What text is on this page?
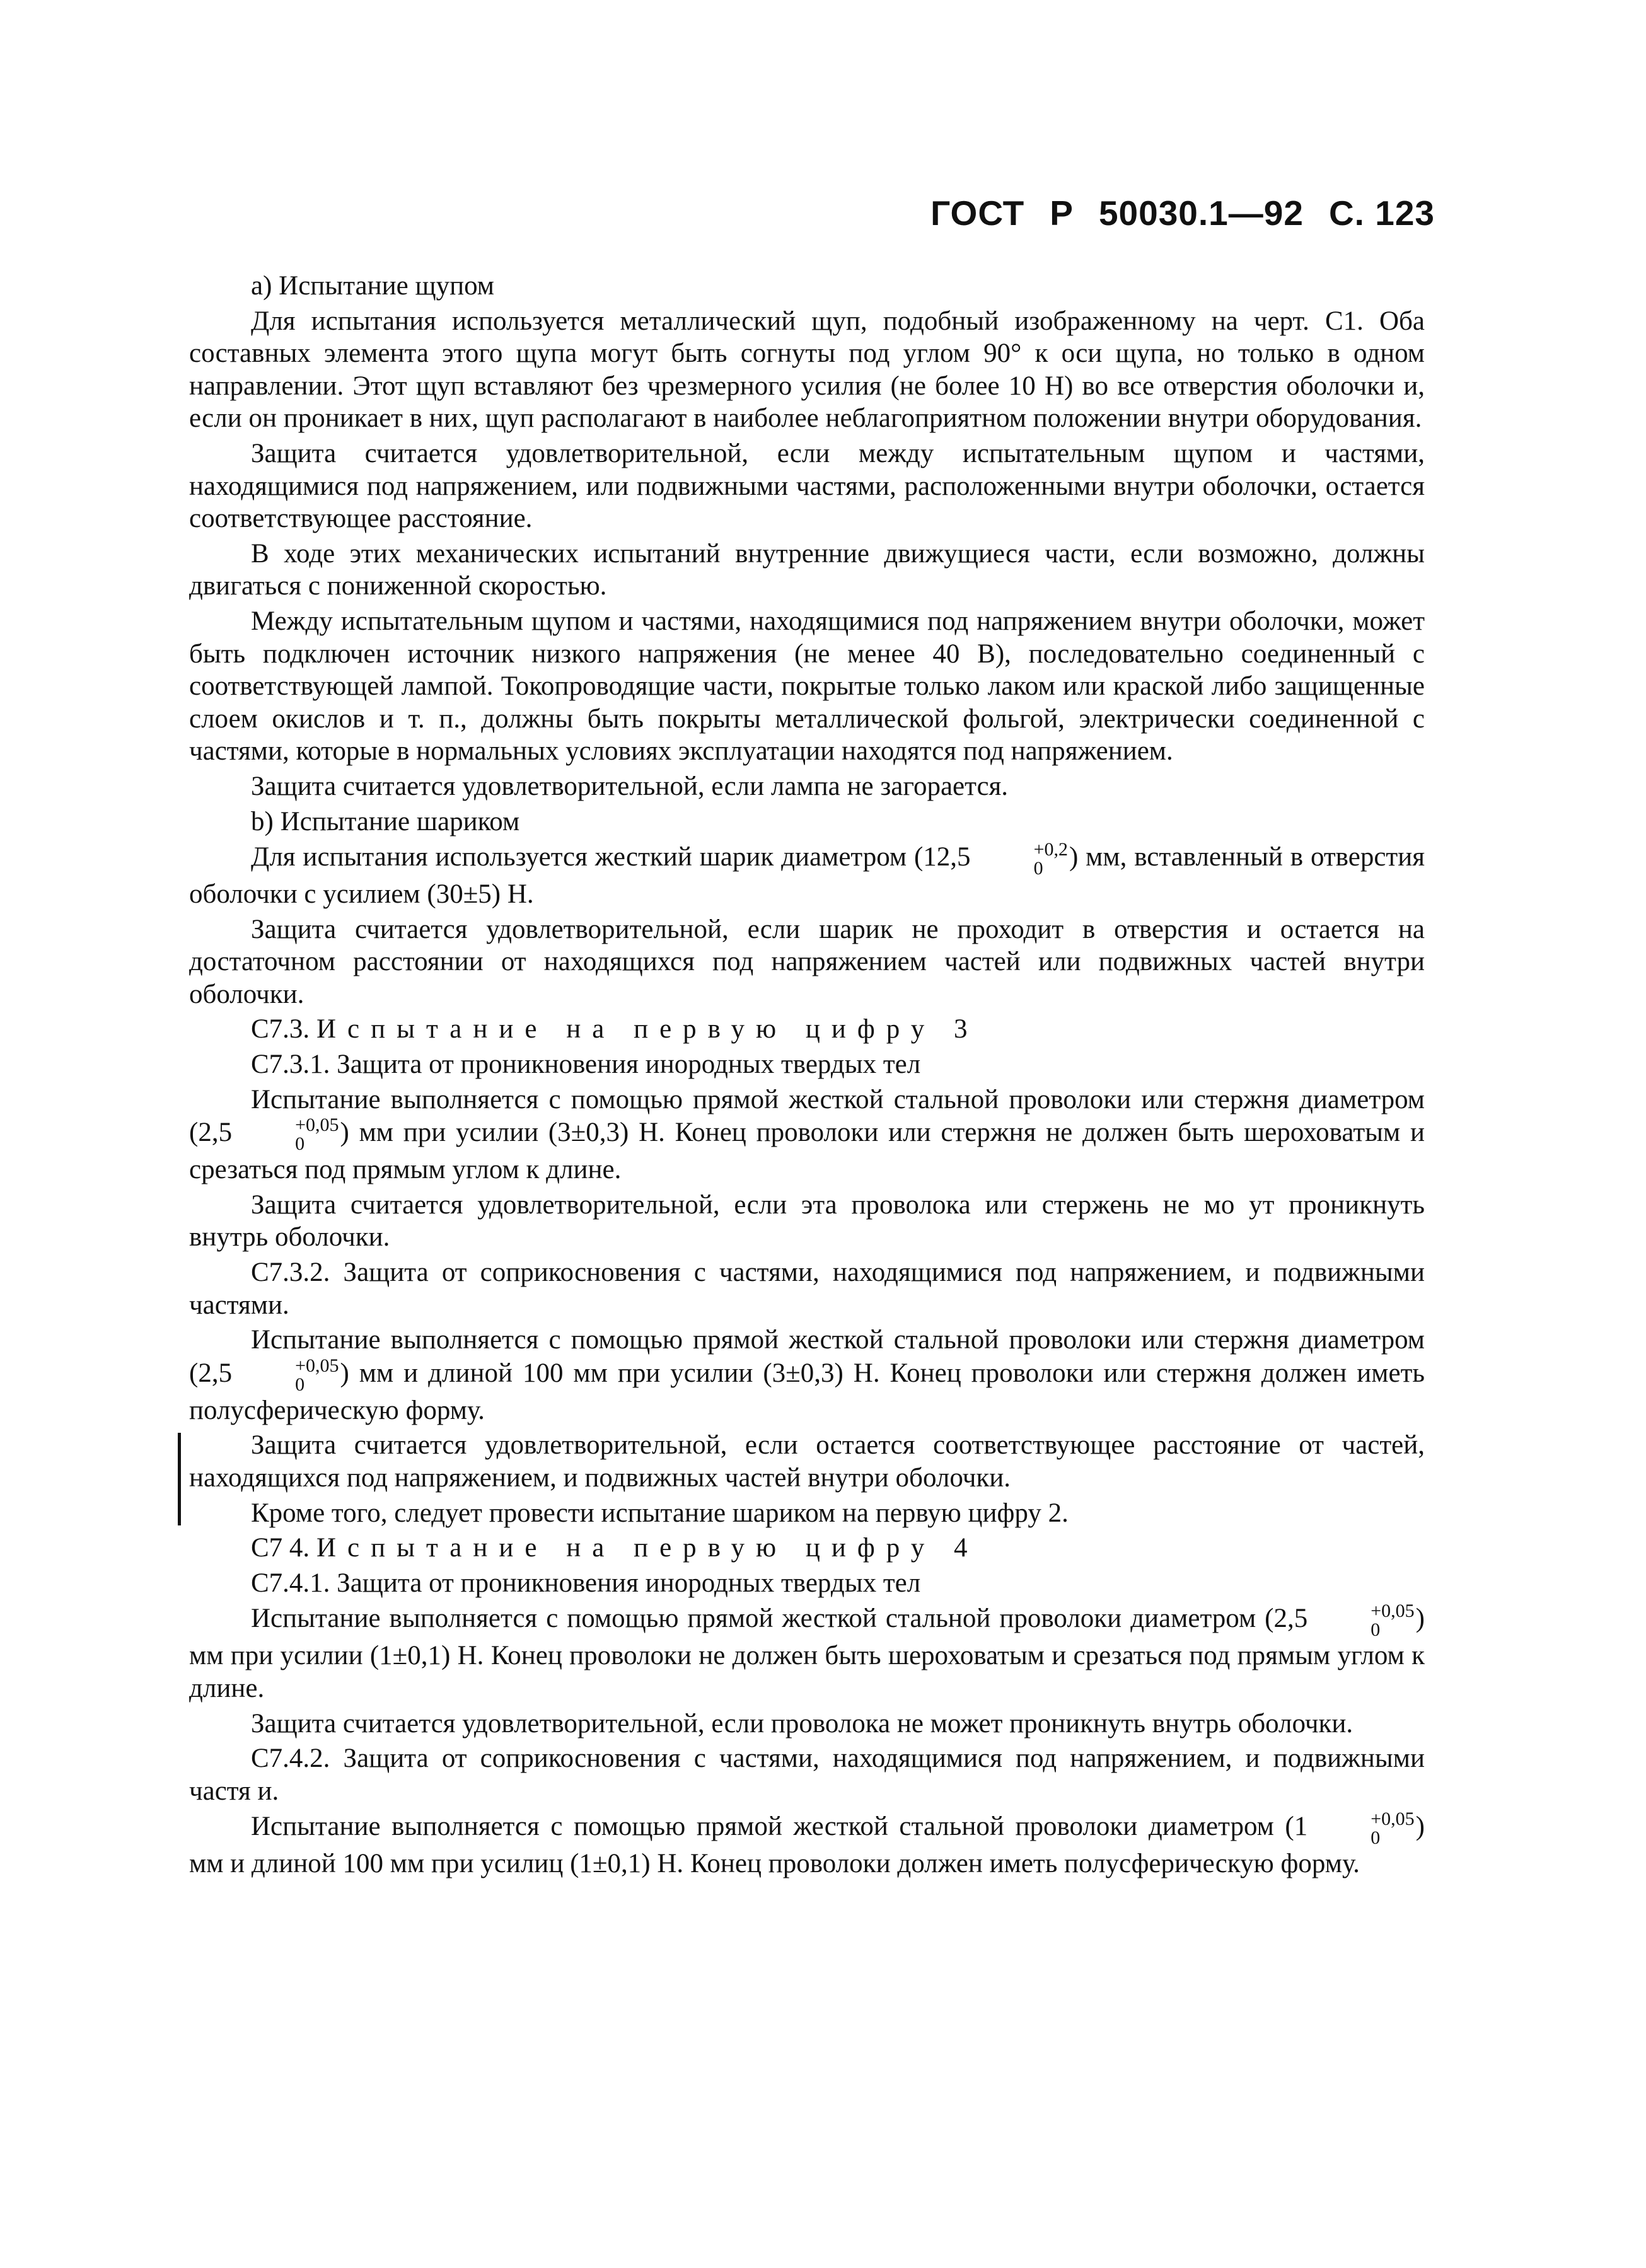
ГОСТ Р 50030.1—92 С. 123

а) Испытание щупом

Для испытания используется металлический щуп, подобный изображенному на черт. С1. Оба составных элемента этого щупа могут быть согнуты под углом 90° к оси щупа, но только в одном направлении. Этот щуп вставляют без чрезмерного усилия (не более 10 Н) во все отверстия оболочки и, если он проникает в них, щуп располагают в наиболее неблагоприятном положении внутри оборудования.

Защита считается удовлетворительной, если между испытательным щупом и частями, находящимися под напряжением, или подвижными частями, расположенными внутри оболочки, остается соответствующее расстояние.

В ходе этих механических испытаний внутренние движущиеся части, если возможно, должны двигаться с пониженной скоростью.

Между испытательным щупом и частями, находящимися под напряжением внутри оболочки, может быть подключен источник низкого напряжения (не менее 40 В), последовательно соединенный с соответствующей лампой. Токопроводящие части, покрытые только лаком или краской либо защищенные слоем окислов и т. п., должны быть покрыты металлической фольгой, электрически соединенной с частями, которые в нормальных условиях эксплуатации находятся под напряжением.

Защита считается удовлетворительной, если лампа не загорается.

b) Испытание шариком

Для испытания используется жесткий шарик диаметром (12,5	+0,2
0 ) мм, вставленный в отверстия оболочки с усилием (30±5) Н.

Защита считается удовлетворительной, если шарик не проходит в отверстия и остается на достаточном расстоянии от находящихся под напряжением частей или подвижных частей внутри оболочки.

С7.3. Испытание на первую цифру 3

С7.3.1. Защита от проникновения инородных твердых тел

Испытание выполняется с помощью прямой жесткой стальной проволоки или стержня диаметром (2,5	+0,05
0	) мм при усилии (3±0,3) Н. Конец проволоки или стержня не должен быть шероховатым и срезаться под прямым углом к длине.

Защита считается удовлетворительной, если эта проволока или стержень не мо ут проникнуть внутрь оболочки.

С7.3.2. Защита от соприкосновения с частями, находящимися под напряжением, и подвижными частями.

Испытание выполняется с помощью прямой жесткой стальной проволоки или стержня диаметром (2,5	+0,05
0	) мм и длиной 100 мм при усилии (3±0,3) Н. Конец проволоки или стержня должен иметь полусферическую форму.

Защита считается удовлетворительной, если остается соответствующее расстояние от частей, находящихся под напряжением, и подвижных частей внутри оболочки.

Кроме того, следует провести испытание шариком на первую цифру 2.

С7 4. Испытание на первую цифру 4

С7.4.1. Защита от проникновения инородных твердых тел

Испытание выполняется с помощью прямой жесткой стальной проволоки диаметром (2,5	+0,05
0	) мм при усилии (1±0,1) Н. Конец проволоки не должен быть шероховатым и срезаться под прямым углом к длине.

Защита считается удовлетворительной, если проволока не может проникнуть внутрь оболочки.

С7.4.2. Защита от соприкосновения с частями, находящимися под напряжением, и подвижными частя и.

Испытание выполняется с помощью прямой жесткой стальной проволоки диаметром (1	+0,05
0	) мм и длиной 100 мм при усилиц (1±0,1) Н. Конец проволоки должен иметь полусферическую форму.
